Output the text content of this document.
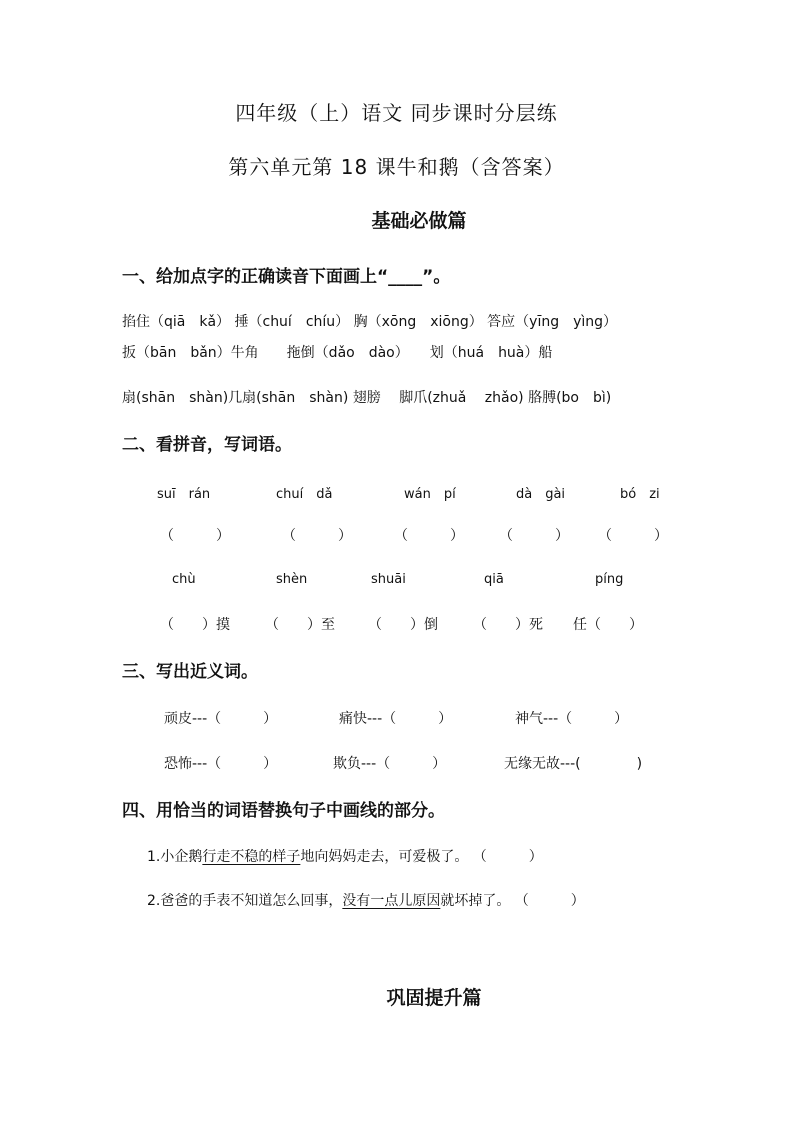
四年级（上）语文 同步课时分层练
第六单元第 18 课牛和鹅（含答案）
基础必做篇
一、给加点字的正确读音下面画上“____”。
掐住（qiā　kǎ） 捶（chuí　chíu） 胸（xōng　xiōng） 答应（yīng　yìng）
扳（bān　bǎn）牛角　　拖倒（dǎo　dào）　　划（huá　huà）船
扇(shān　shàn)几扇(shān　shàn) 翅膀　 脚爪(zhuǎ　 zhǎo) 胳膊(bo　bì)
二、看拼音，写词语。
suī　rán	chuí　dǎ	wán　pí	dà　gài	bó　zi
（　　　）	（　　　）	（　　　）	（　　　） （　　　）
chù	shèn	shuāi	qiā	píng
（　　）摸	（　　）至 （　　）倒	（　　）死 任（　　）
三、写出近义词。
顽皮---（　　　）	痛快---（　　　）	神气---（　　　）
恐怖---（　　　）	欺负---（　　　）	无缘无故---(　　　　)
四、用恰当的词语替换句子中画线的部分。
1.小企鹅行走不稳的样子地向妈妈走去，可爱极了。 （　　　）
2.爸爸的手表不知道怎么回事，没有一点儿原因就坏掉了。 （　　　）
巩固提升篇
